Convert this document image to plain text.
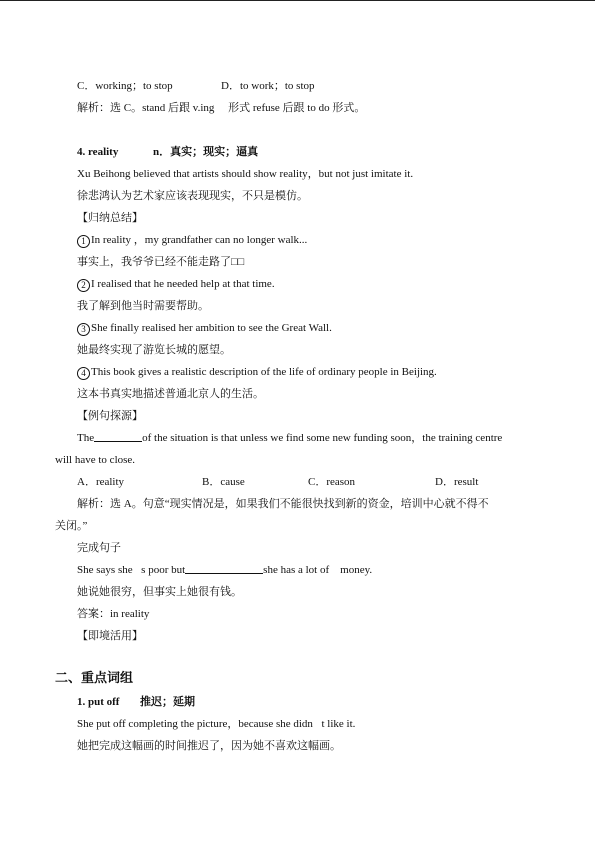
C．working；to stop	D．to work；to stop
解析：选 C。stand 后跟 v.ing　 形式 refuse 后跟 to do 形式。
4. reality	n．真实；现实；逼真
Xu Beihong believed that artists should show reality，but not just imitate it.
徐悲鸿认为艺术家应该表现现实，不只是模仿。
【归纳总结】
1 In reality ，my grandfather can no longer walk...
事实上，我爷爷已经不能走路了□□
2 I realised that he needed help at that time.
我了解到他当时需要帮助。
3 She finally realised her ambition to see the Great Wall.
她最终实现了游览长城的愿望。
4 This book gives a realistic description of the life of ordinary people in Beijing.
这本书真实地描述普通北京人的生活。
【例句探源】
The	of the situation is that unless we find some new funding soon，the training centre
will have to close.
A．reality	B．cause	C．reason	D．result
解析：选 A。句意“现实情况是，如果我们不能很快找到新的资金，培训中心就不得不
关闭。”
完成句子
She says she s poor but	she has a lot of　money.
她说她很穷，但事实上她很有钱。
答案：in reality
【即境活用】
二、重点词组
1. put off 推迟；延期
She put off completing the picture，because she didn t like it.
她把完成这幅画的时间推迟了，因为她不喜欢这幅画。
